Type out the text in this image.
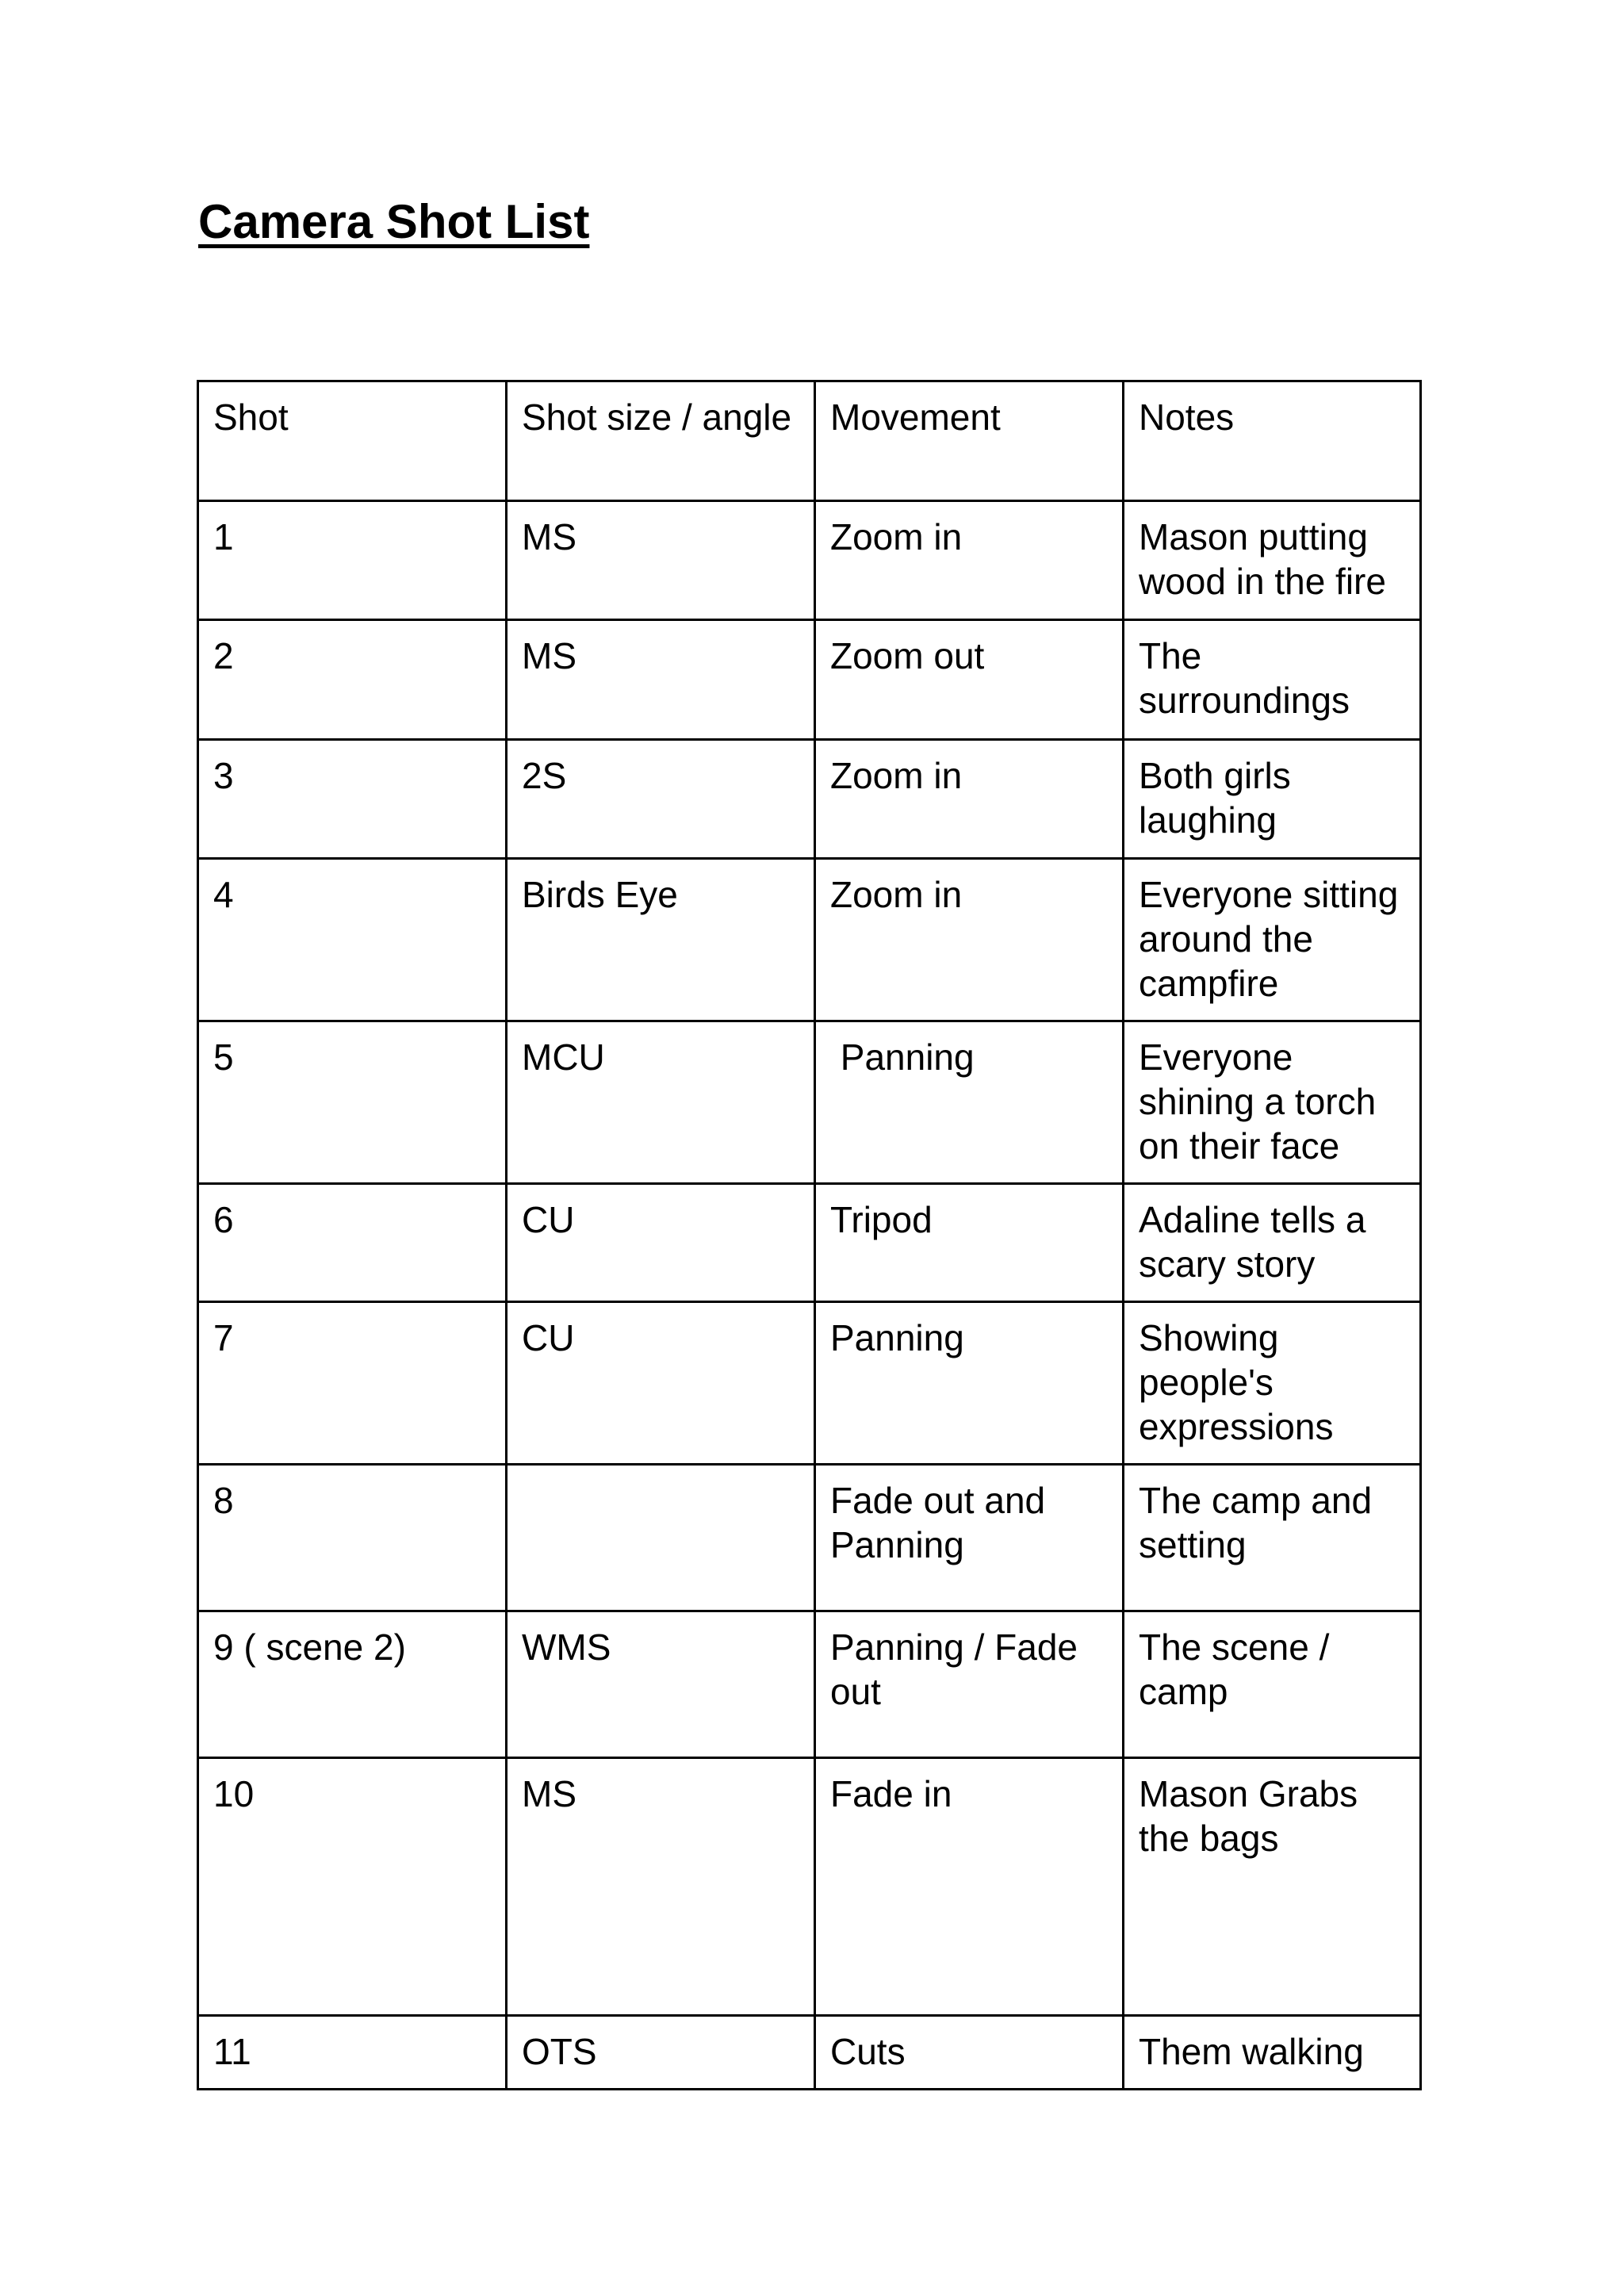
Camera Shot List
Shot	Shot size / angle	Movement	Notes
1	MS	Zoom in	Mason putting wood in the fire
2	MS	Zoom out	The surroundings
3	2S	Zoom in	Both girls laughing
4	Birds Eye	Zoom in	Everyone sitting around the campfire
5	MCU	Panning	Everyone shining a torch on their face
6	CU	Tripod	Adaline tells a scary story
7	CU	Panning	Showing people's expressions
8		Fade out and Panning	The camp and setting
9 ( scene 2)	WMS	Panning / Fade out	The scene / camp
10	MS	Fade in	Mason Grabs the bags
11	OTS	Cuts	Them walking
